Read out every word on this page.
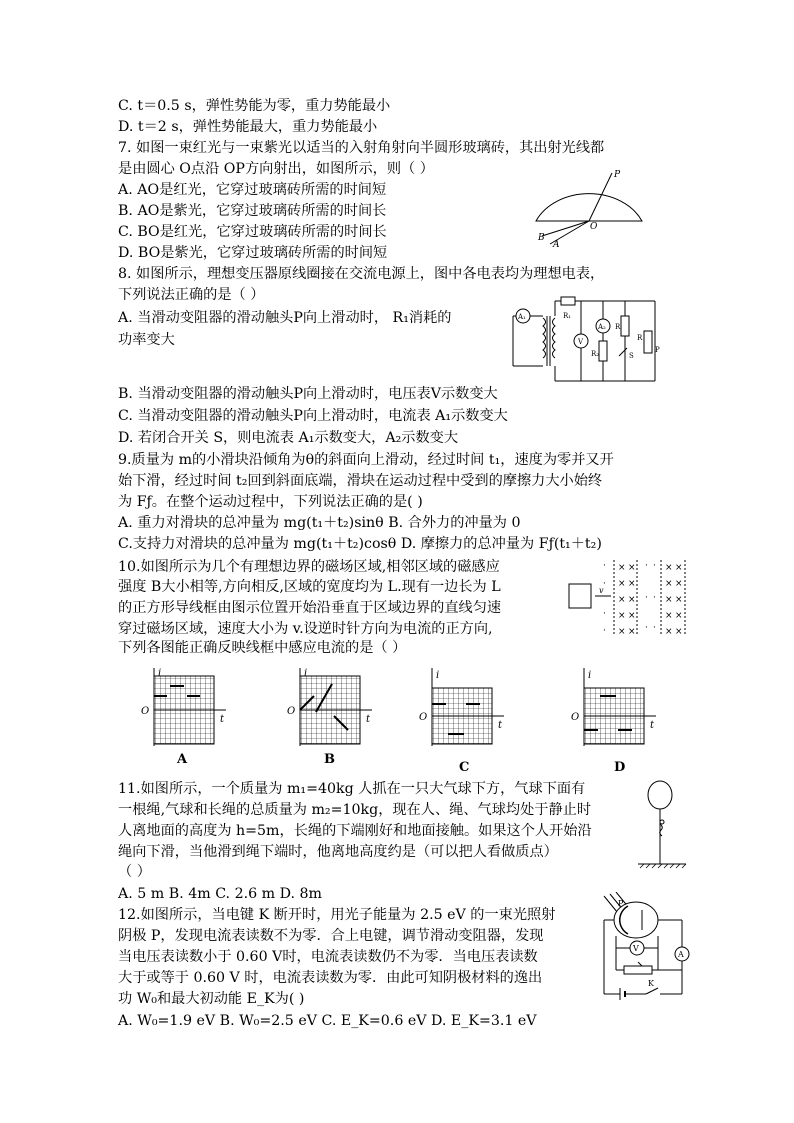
C. t＝0.5 s，弹性势能为零，重力势能最小
D. t＝2 s，弹性势能最大，重力势能最小
7. 如图一束红光与一束紫光以适当的入射角射向半圆形玻璃砖，其出射光线都
是由圆心 O点沿 OP方向射出，如图所示，则（ ）
A. AO是红光，它穿过玻璃砖所需的时间短
B. AO是紫光，它穿过玻璃砖所需的时间长
C. BO是红光，它穿过玻璃砖所需的时间长
D. BO是紫光，它穿过玻璃砖所需的时间短
8. 如图所示，理想变压器原线圈接在交流电源上，图中各电表均为理想电表，
下列说法正确的是（ ）
A. 当滑动变阻器的滑动触头P向上滑动时， R₁消耗的
功率变大
B. 当滑动变阻器的滑动触头P向上滑动时，电压表V示数变大
C. 当滑动变阻器的滑动触头P向上滑动时，电流表 A₁示数变大
D. 若闭合开关 S，则电流表 A₁示数变大，A₂示数变大
9.质量为 m的小滑块沿倾角为θ的斜面向上滑动，经过时间 t₁，速度为零并又开
始下滑，经过时间 t₂回到斜面底端，滑块在运动过程中受到的摩擦力大小始终
为 Fƒ。在整个运动过程中，下列说法正确的是( )
A. 重力对滑块的总冲量为 mg(t₁＋t₂)sinθ B. 合外力的冲量为 0
C.支持力对滑块的总冲量为 mg(t₁＋t₂)cosθ D. 摩擦力的总冲量为 Fƒ(t₁＋t₂)
10.如图所示为几个有理想边界的磁场区域,相邻区域的磁感应
强度 B大小相等,方向相反,区域的宽度均为 L.现有一边长为 L
的正方形导线框由图示位置开始沿垂直于区域边界的直线匀速
穿过磁场区域，速度大小为 v.设逆时针方向为电流的正方向,
下列各图能正确反映线框中感应电流的是（ ）
11.如图所示，一个质量为 m₁=40kg 人抓在一只大气球下方，气球下面有
一根绳,气球和长绳的总质量为 m₂=10kg，现在人、绳、气球均处于静止时
人离地面的高度为 h=5m，长绳的下端刚好和地面接触。如果这个人开始沿
绳向下滑，当他滑到绳下端时，他离地高度约是（可以把人看做质点）
（ ）
A. 5 m B. 4m C. 2.6 m D. 8m
12.如图所示，当电键 K 断开时，用光子能量为 2.5 eV 的一束光照射
阴极 P，发现电流表读数不为零．合上电键，调节滑动变阻器，发现
当电压表读数小于 0.60 V时，电流表读数仍不为零．当电压表读数
大于或等于 0.60 V 时，电流表读数为零．由此可知阴极材料的逸出
功 W₀和最大初动能 E_K为( )
A. W₀=1.9 eV B. W₀=2.5 eV C. E_K=0.6 eV D. E_K=3.1 eV
P
O
B
A
A₁	R₁
V
A₂
R₂
R
S
R
P
v
·
·
·
·
× ×
× ×
× ×
× ×
× ×
· ·
· ·
· ·
× ×
× ×
× ×
× ×
× ×
i
t
O
A
i
t
O
B
i
t
O
C
i
t
O
D
P
A
V
K
